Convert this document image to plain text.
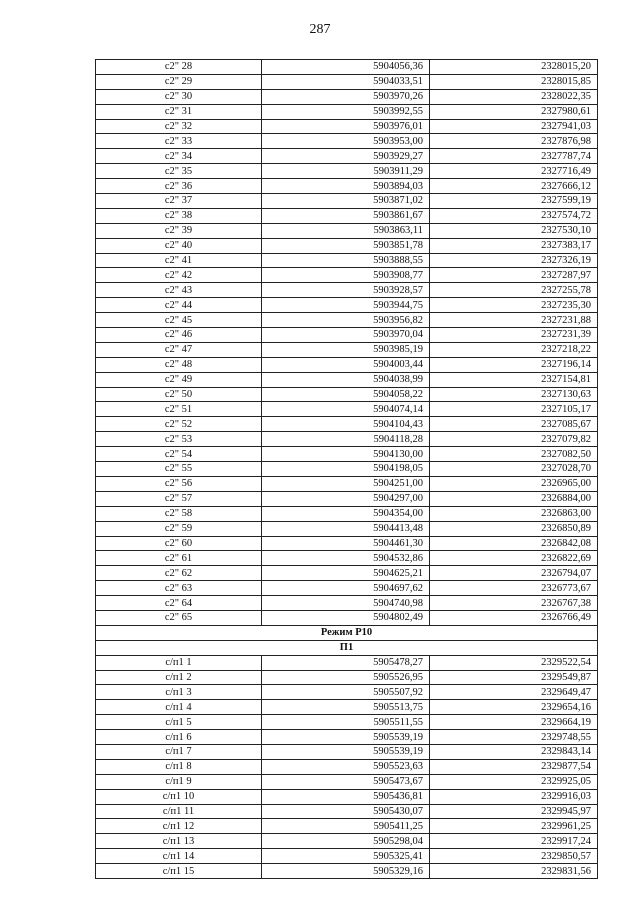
287
с2" 28	5904056,36	2328015,20
с2" 29	5904033,51	2328015,85
с2" 30	5903970,26	2328022,35
с2" 31	5903992,55	2327980,61
с2" 32	5903976,01	2327941,03
с2" 33	5903953,00	2327876,98
с2" 34	5903929,27	2327787,74
с2" 35	5903911,29	2327716,49
с2" 36	5903894,03	2327666,12
с2" 37	5903871,02	2327599,19
с2" 38	5903861,67	2327574,72
с2" 39	5903863,11	2327530,10
с2" 40	5903851,78	2327383,17
с2" 41	5903888,55	2327326,19
с2" 42	5903908,77	2327287,97
с2" 43	5903928,57	2327255,78
с2" 44	5903944,75	2327235,30
с2" 45	5903956,82	2327231,88
с2" 46	5903970,04	2327231,39
с2" 47	5903985,19	2327218,22
с2" 48	5904003,44	2327196,14
с2" 49	5904038,99	2327154,81
с2" 50	5904058,22	2327130,63
с2" 51	5904074,14	2327105,17
с2" 52	5904104,43	2327085,67
с2" 53	5904118,28	2327079,82
с2" 54	5904130,00	2327082,50
с2" 55	5904198,05	2327028,70
с2" 56	5904251,00	2326965,00
с2" 57	5904297,00	2326884,00
с2" 58	5904354,00	2326863,00
с2" 59	5904413,48	2326850,89
с2" 60	5904461,30	2326842,08
с2" 61	5904532,86	2326822,69
с2" 62	5904625,21	2326794,07
с2" 63	5904697,62	2326773,67
с2" 64	5904740,98	2326767,38
с2" 65	5904802,49	2326766,49
Режим Р10		
П1		
с/п1 1	5905478,27	2329522,54
с/п1 2	5905526,95	2329549,87
с/п1 3	5905507,92	2329649,47
с/п1 4	5905513,75	2329654,16
с/п1 5	5905511,55	2329664,19
с/п1 6	5905539,19	2329748,55
с/п1 7	5905539,19	2329843,14
с/п1 8	5905523,63	2329877,54
с/п1 9	5905473,67	2329925,05
с/п1 10	5905436,81	2329916,03
с/п1 11	5905430,07	2329945,97
с/п1 12	5905411,25	2329961,25
с/п1 13	5905298,04	2329917,24
с/п1 14	5905325,41	2329850,57
с/п1 15	5905329,16	2329831,56
